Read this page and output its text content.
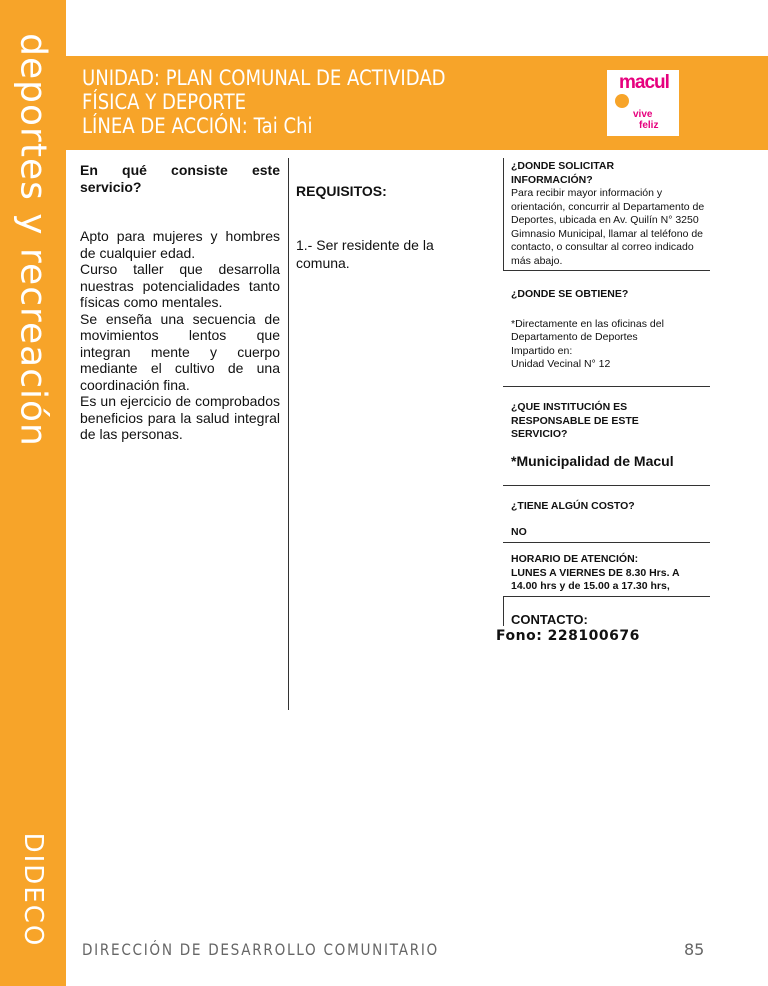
deportes y recreación
DIDECO
UNIDAD: PLAN COMUNAL DE ACTIVIDAD
FÍSICA Y DEPORTE
LÍNEA DE ACCIÓN: Tai Chi
macul
vive
feliz

En qué consiste este

servicio?

Apto para mujeres y hombres de cualquier edad.

Curso taller que desarrolla nuestras potencialidades tanto físicas como mentales.

Se enseña una secuencia de movimientos lentos que integran mente y cuerpo mediante el cultivo de una coordinación fina.

Es un ejercicio de comprobados beneficios para la salud integral de las personas.

REQUISITOS:

1.- Ser residente de la comuna.

¿DONDE SOLICITAR INFORMACIÓN?

Para recibir mayor información y orientación, concurrir al Departamento de Deportes, ubicada en Av. Quilín N° 3250 Gimnasio Municipal, llamar al teléfono de contacto, o consultar al correo indicado más abajo.

¿DONDE SE OBTIENE?

*Directamente en las oficinas del Departamento de Deportes

Impartido en:

Unidad Vecinal N° 12

¿QUE INSTITUCIÓN ES RESPONSABLE DE ESTE SERVICIO?

*Municipalidad de Macul

¿TIENE ALGÚN COSTO?

NO

HORARIO DE ATENCIÓN:

LUNES A VIERNES DE 8.30 Hrs. A 14.00 hrs y de 15.00 a 17.30 hrs,

CONTACTO:
Fono: 228100676
DIRECCIÓN DE DESARROLLO COMUNITARIO	85
